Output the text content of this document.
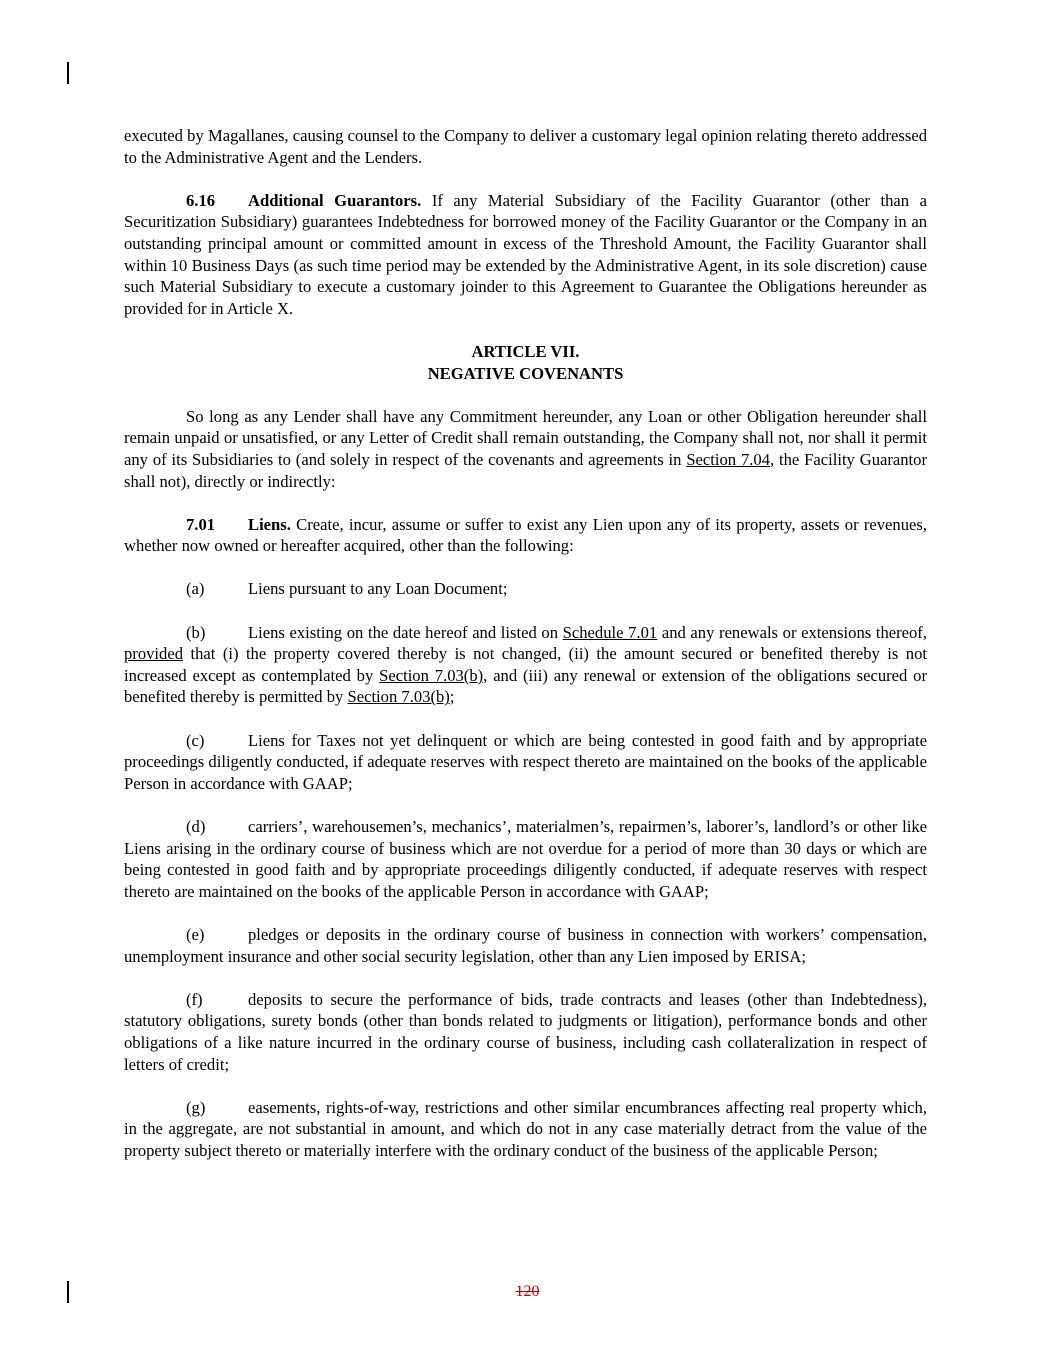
executed by Magallanes, causing counsel to the Company to deliver a customary legal opinion relating thereto addressed to the Administrative Agent and the Lenders.

6.16 Additional Guarantors. If any Material Subsidiary of the Facility Guarantor (other than a Securitization Subsidiary) guarantees Indebtedness for borrowed money of the Facility Guarantor or the Company in an outstanding principal amount or committed amount in excess of the Threshold Amount, the Facility Guarantor shall within 10 Business Days (as such time period may be extended by the Administrative Agent, in its sole discretion) cause such Material Subsidiary to execute a customary joinder to this Agreement to Guarantee the Obligations hereunder as provided for in Article X.

ARTICLE VII.
NEGATIVE COVENANTS

So long as any Lender shall have any Commitment hereunder, any Loan or other Obligation hereunder shall remain unpaid or unsatisfied, or any Letter of Credit shall remain outstanding, the Company shall not, nor shall it permit any of its Subsidiaries to (and solely in respect of the covenants and agreements in Section 7.04, the Facility Guarantor shall not), directly or indirectly:

7.01 Liens. Create, incur, assume or suffer to exist any Lien upon any of its property, assets or revenues, whether now owned or hereafter acquired, other than the following:

(a)	Liens pursuant to any Loan Document;

(b)	Liens existing on the date hereof and listed on Schedule 7.01 and any renewals or extensions thereof, provided that (i) the property covered thereby is not changed, (ii) the amount secured or benefited thereby is not increased except as contemplated by Section 7.03(b), and (iii) any renewal or extension of the obligations secured or benefited thereby is permitted by Section 7.03(b);

(c)	Liens for Taxes not yet delinquent or which are being contested in good faith and by appropriate proceedings diligently conducted, if adequate reserves with respect thereto are maintained on the books of the applicable Person in accordance with GAAP;

(d)	carriers’, warehousemen’s, mechanics’, materialmen’s, repairmen’s, laborer’s, landlord’s or other like Liens arising in the ordinary course of business which are not overdue for a period of more than 30 days or which are being contested in good faith and by appropriate proceedings diligently conducted, if adequate reserves with respect thereto are maintained on the books of the applicable Person in accordance with GAAP;

(e)	pledges or deposits in the ordinary course of business in connection with workers’ compensation, unemployment insurance and other social security legislation, other than any Lien imposed by ERISA;

(f)	deposits to secure the performance of bids, trade contracts and leases (other than Indebtedness), statutory obligations, surety bonds (other than bonds related to judgments or litigation), performance bonds and other obligations of a like nature incurred in the ordinary course of business, including cash collateralization in respect of letters of credit;

(g)	easements, rights-of-way, restrictions and other similar encumbrances affecting real property which, in the aggregate, are not substantial in amount, and which do not in any case materially detract from the value of the property subject thereto or materially interfere with the ordinary conduct of the business of the applicable Person;

120
